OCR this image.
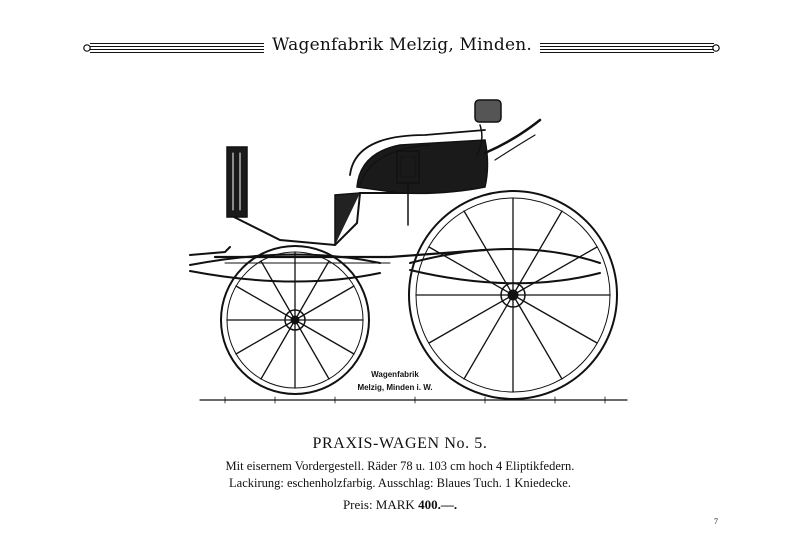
Wagenfabrik Melzig, Minden.
Wagenfabrik
Melzig, Minden i. W.
PRAXIS-WAGEN No. 5.
Mit eisernem Vordergestell. Räder 78 u. 103 cm hoch 4 Eliptikfedern.
Lackirung: eschenholzfarbig. Ausschlag: Blaues Tuch. 1 Kniedecke.
Preis: MARK 400.—.
7
